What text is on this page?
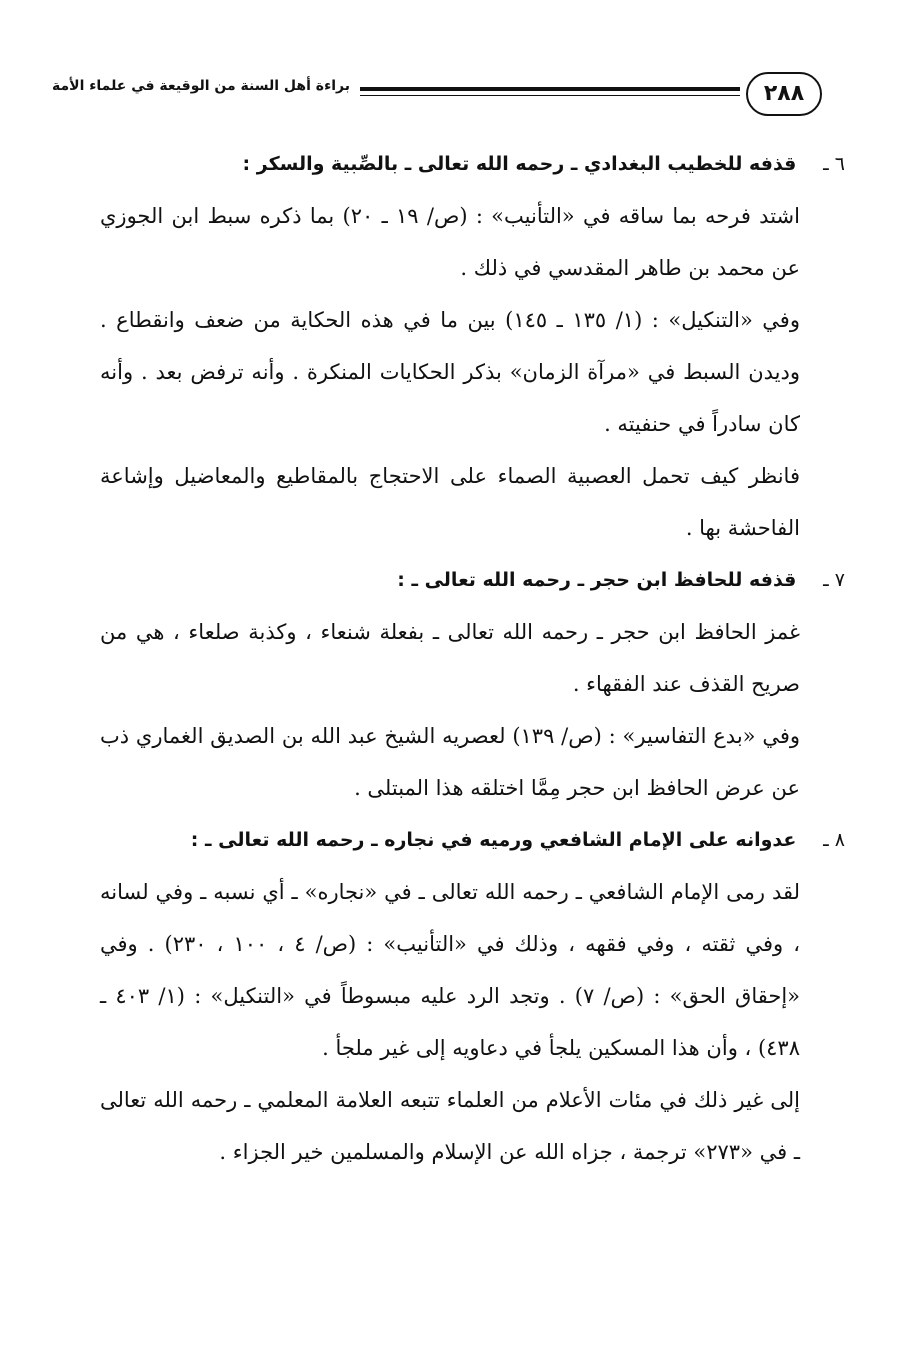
براءة أهل السنة من الوقيعة في علماء الأمة	٢٨٨

٦ ـ قذفه للخطيب البغدادي ـ رحمه الله تعالى ـ بالصِّبية والسكر :

اشتد فرحه بما ساقه في «التأنيب» : (ص/ ١٩ ـ ٢٠) بما ذكره سبط ابن الجوزي عن محمد بن طاهر المقدسي في ذلك .

وفي «التنكيل» : (١/ ١٣٥ ـ ١٤٥) بين ما في هذه الحكاية من ضعف وانقطاع . وديدن السبط في «مرآة الزمان» بذكر الحكايات المنكرة . وأنه ترفض بعد . وأنه كان سادراً في حنفيته .

فانظر كيف تحمل العصبية الصماء على الاحتجاج بالمقاطيع والمعاضيل وإشاعة الفاحشة بها .

٧ ـ قذفه للحافظ ابن حجر ـ رحمه الله تعالى ـ :

غمز الحافظ ابن حجر ـ رحمه الله تعالى ـ بفعلة شنعاء ، وكذبة صلعاء ، هي من صريح القذف عند الفقهاء .

وفي «بدع التفاسير» : (ص/ ١٣٩) لعصريه الشيخ عبد الله بن الصديق الغماري ذب عن عرض الحافظ ابن حجر مِمَّا اختلقه هذا المبتلى .

٨ ـ عدوانه على الإمام الشافعي ورميه في نجاره ـ رحمه الله تعالى ـ :

لقد رمى الإمام الشافعي ـ رحمه الله تعالى ـ في «نجاره» ـ أي نسبه ـ وفي لسانه ، وفي ثقته ، وفي فقهه ، وذلك في «التأنيب» : (ص/ ٤ ، ١٠٠ ، ٢٣٠) . وفي «إحقاق الحق» : (ص/ ٧) . وتجد الرد عليه مبسوطاً في «التنكيل» : (١/ ٤٠٣ ـ ٤٣٨) ، وأن هذا المسكين يلجأ في دعاويه إلى غير ملجأ .

إلى غير ذلك في مئات الأعلام من العلماء تتبعه العلامة المعلمي ـ رحمه الله تعالى ـ في «٢٧٣» ترجمة ، جزاه الله عن الإسلام والمسلمين خير الجزاء .
